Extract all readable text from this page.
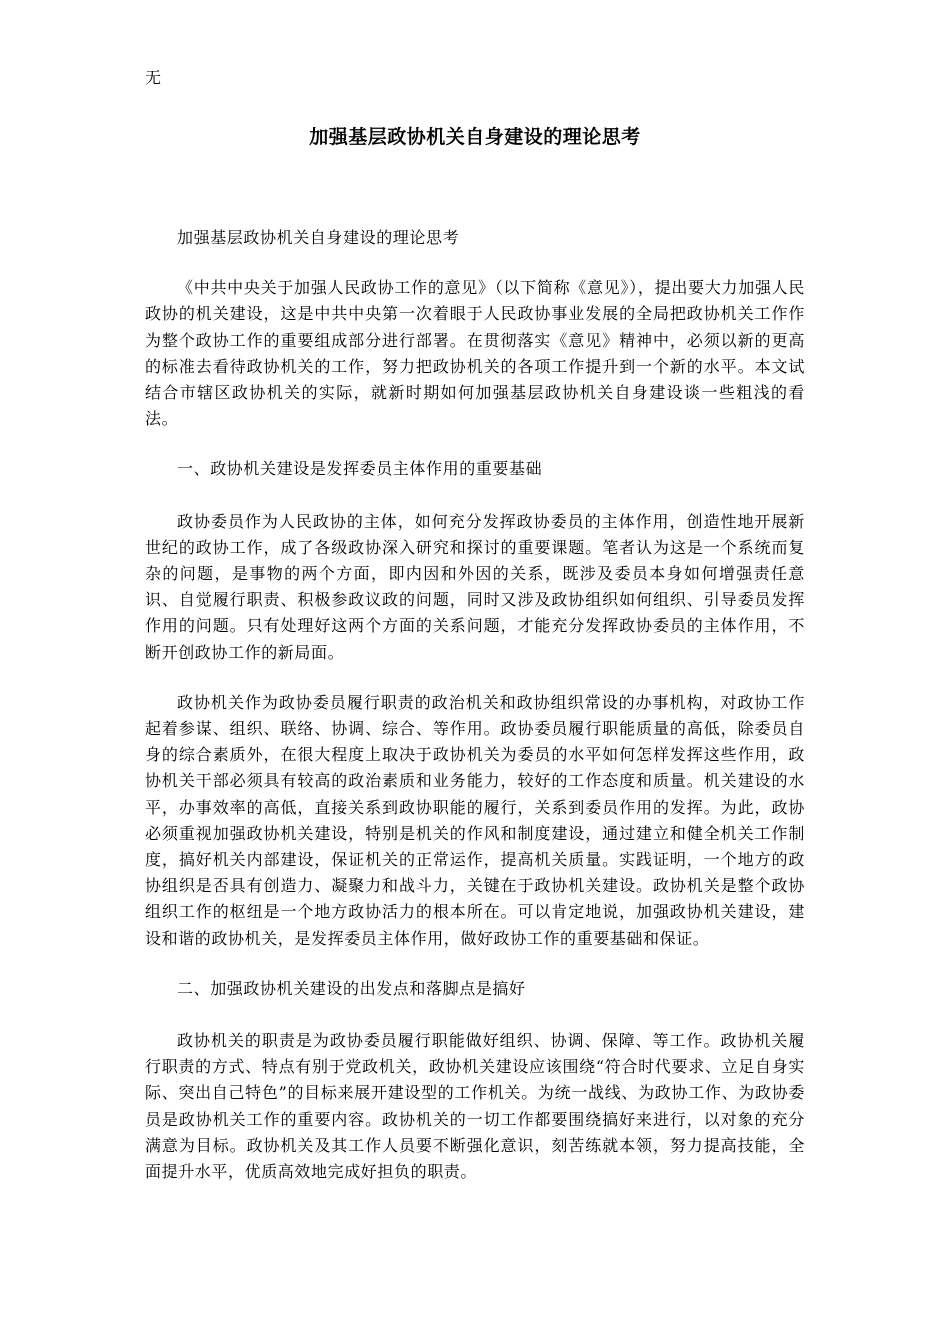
无
加强基层政协机关自身建设的理论思考

加强基层政协机关自身建设的理论思考

《中共中央关于加强人民政协工作的意见》（以下简称《意见》），提出要大力加强人民政协的机关建设，这是中共中央第一次着眼于人民政协事业发展的全局把政协机关工作作为整个政协工作的重要组成部分进行部署。在贯彻落实《意见》精神中，必须以新的更高的标准去看待政协机关的工作，努力把政协机关的各项工作提升到一个新的水平。本文试结合市辖区政协机关的实际，就新时期如何加强基层政协机关自身建设谈一些粗浅的看法。

一、政协机关建设是发挥委员主体作用的重要基础

政协委员作为人民政协的主体，如何充分发挥政协委员的主体作用，创造性地开展新世纪的政协工作，成了各级政协深入研究和探讨的重要课题。笔者认为这是一个系统而复杂的问题，是事物的两个方面，即内因和外因的关系，既涉及委员本身如何增强责任意识、自觉履行职责、积极参政议政的问题，同时又涉及政协组织如何组织、引导委员发挥作用的问题。只有处理好这两个方面的关系问题，才能充分发挥政协委员的主体作用，不断开创政协工作的新局面。

政协机关作为政协委员履行职责的政治机关和政协组织常设的办事机构，对政协工作起着参谋、组织、联络、协调、综合、等作用。政协委员履行职能质量的高低，除委员自身的综合素质外，在很大程度上取决于政协机关为委员的水平如何怎样发挥这些作用，政协机关干部必须具有较高的政治素质和业务能力，较好的工作态度和质量。机关建设的水平，办事效率的高低，直接关系到政协职能的履行，关系到委员作用的发挥。为此，政协必须重视加强政协机关建设，特别是机关的作风和制度建设，通过建立和健全机关工作制度，搞好机关内部建设，保证机关的正常运作，提高机关质量。实践证明，一个地方的政协组织是否具有创造力、凝聚力和战斗力，关键在于政协机关建设。政协机关是整个政协组织工作的枢纽是一个地方政协活力的根本所在。可以肯定地说，加强政协机关建设，建设和谐的政协机关，是发挥委员主体作用，做好政协工作的重要基础和保证。

二、加强政协机关建设的出发点和落脚点是搞好

政协机关的职责是为政协委员履行职能做好组织、协调、保障、等工作。政协机关履行职责的方式、特点有别于党政机关，政协机关建设应该围绕“符合时代要求、立足自身实际、突出自己特色”的目标来展开建设型的工作机关。为统一战线、为政协工作、为政协委员是政协机关工作的重要内容。政协机关的一切工作都要围绕搞好来进行，以对象的充分满意为目标。政协机关及其工作人员要不断强化意识，刻苦练就本领，努力提高技能，全面提升水平，优质高效地完成好担负的职责。
